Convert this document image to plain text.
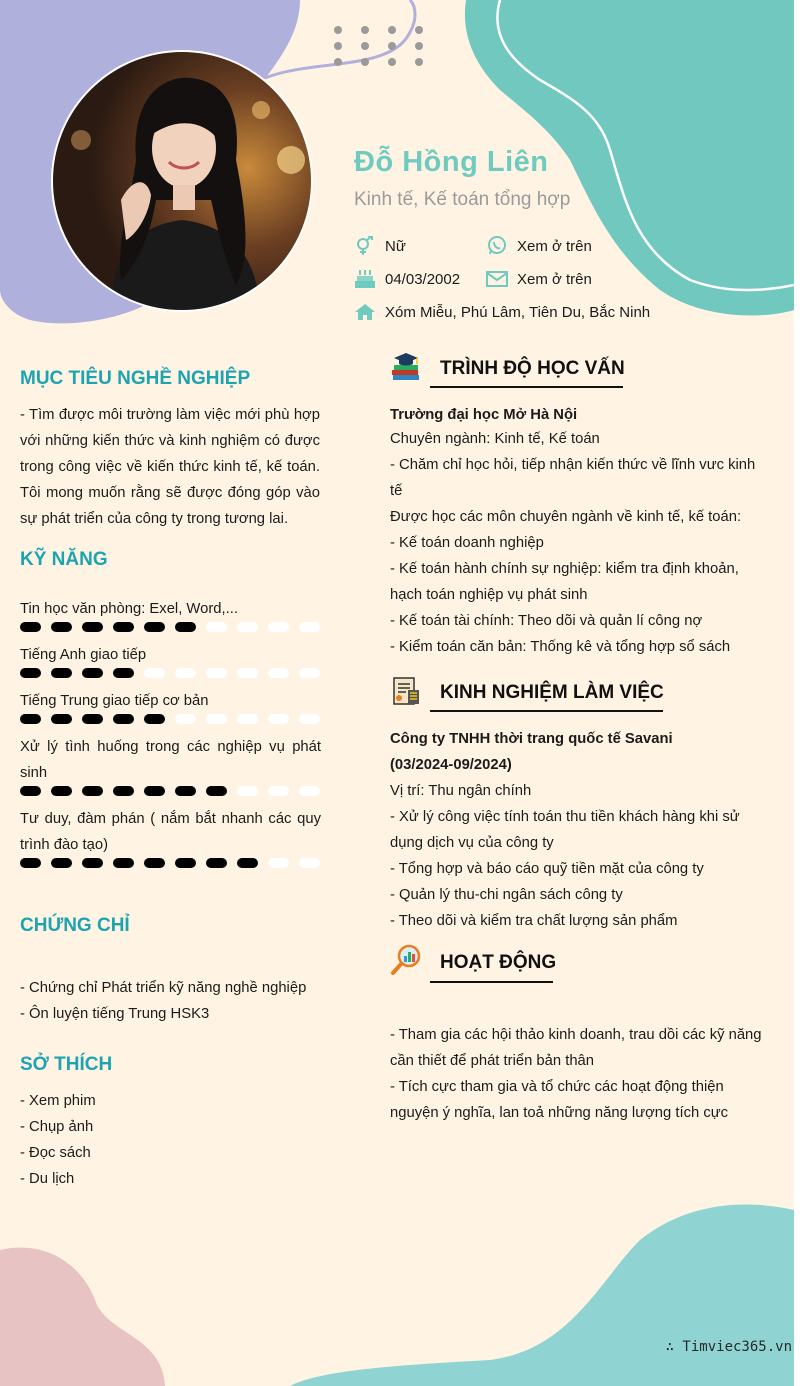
Đỗ Hồng Liên
Kinh tế, Kế toán tổng hợp
Nữ	Xem ở trên
04/03/2002	Xem ở trên
Xóm Miễu, Phú Lâm, Tiên Du, Bắc Ninh
MỤC TIÊU NGHỀ NGHIỆP
- Tìm được môi trường làm việc mới phù hợp với những kiến thức và kinh nghiệm có được trong công việc về kiến thức kinh tế, kế toán. Tôi mong muốn rằng sẽ được đóng góp vào sự phát triển của công ty trong tương lai.
KỸ NĂNG
Tin học văn phòng: Exel, Word,...
Tiếng Anh giao tiếp
Tiếng Trung giao tiếp cơ bản
Xử lý tình huống trong các nghiệp vụ phát sinh
Tư duy, đàm phán ( nắm bắt nhanh các quy trình đào tạo)
CHỨNG CHỈ
- Chứng chỉ Phát triển kỹ năng nghề nghiệp
- Ôn luyện tiếng Trung HSK3
SỞ THÍCH
- Xem phim
- Chụp ảnh
- Đọc sách
- Du lịch
TRÌNH ĐỘ HỌC VẤN
Trường đại học Mở Hà Nội
Chuyên ngành: Kinh tế, Kế toán
- Chăm chỉ học hỏi, tiếp nhận kiến thức về lĩnh vưc kinh tế
Được học các môn chuyên ngành về kinh tế, kế toán:
- Kế toán doanh nghiệp
- Kế toán hành chính sự nghiệp: kiểm tra định khoản, hạch toán nghiệp vụ phát sinh
- Kế toán tài chính: Theo dõi và quản lí công nợ
- Kiểm toán căn bản: Thống kê và tổng hợp sổ sách
KINH NGHIỆM LÀM VIỆC
Công ty TNHH thời trang quốc tế Savani
(03/2024-09/2024)
Vị trí: Thu ngân chính
- Xử lý công việc tính toán thu tiền khách hàng khi sử dụng dịch vụ của công ty
- Tổng hợp và báo cáo quỹ tiền mặt của công ty
- Quản lý thu-chi ngân sách công ty
- Theo dõi và kiểm tra chất lượng sản phẩm
HOẠT ĐỘNG
- Tham gia các hội thảo kinh doanh, trau dồi các kỹ năng cần thiết để phát triển bản thân
- Tích cực tham gia và tổ chức các hoạt động thiện nguyện ý nghĩa, lan toả những năng lượng tích cực
∴ Timviec365.vn
